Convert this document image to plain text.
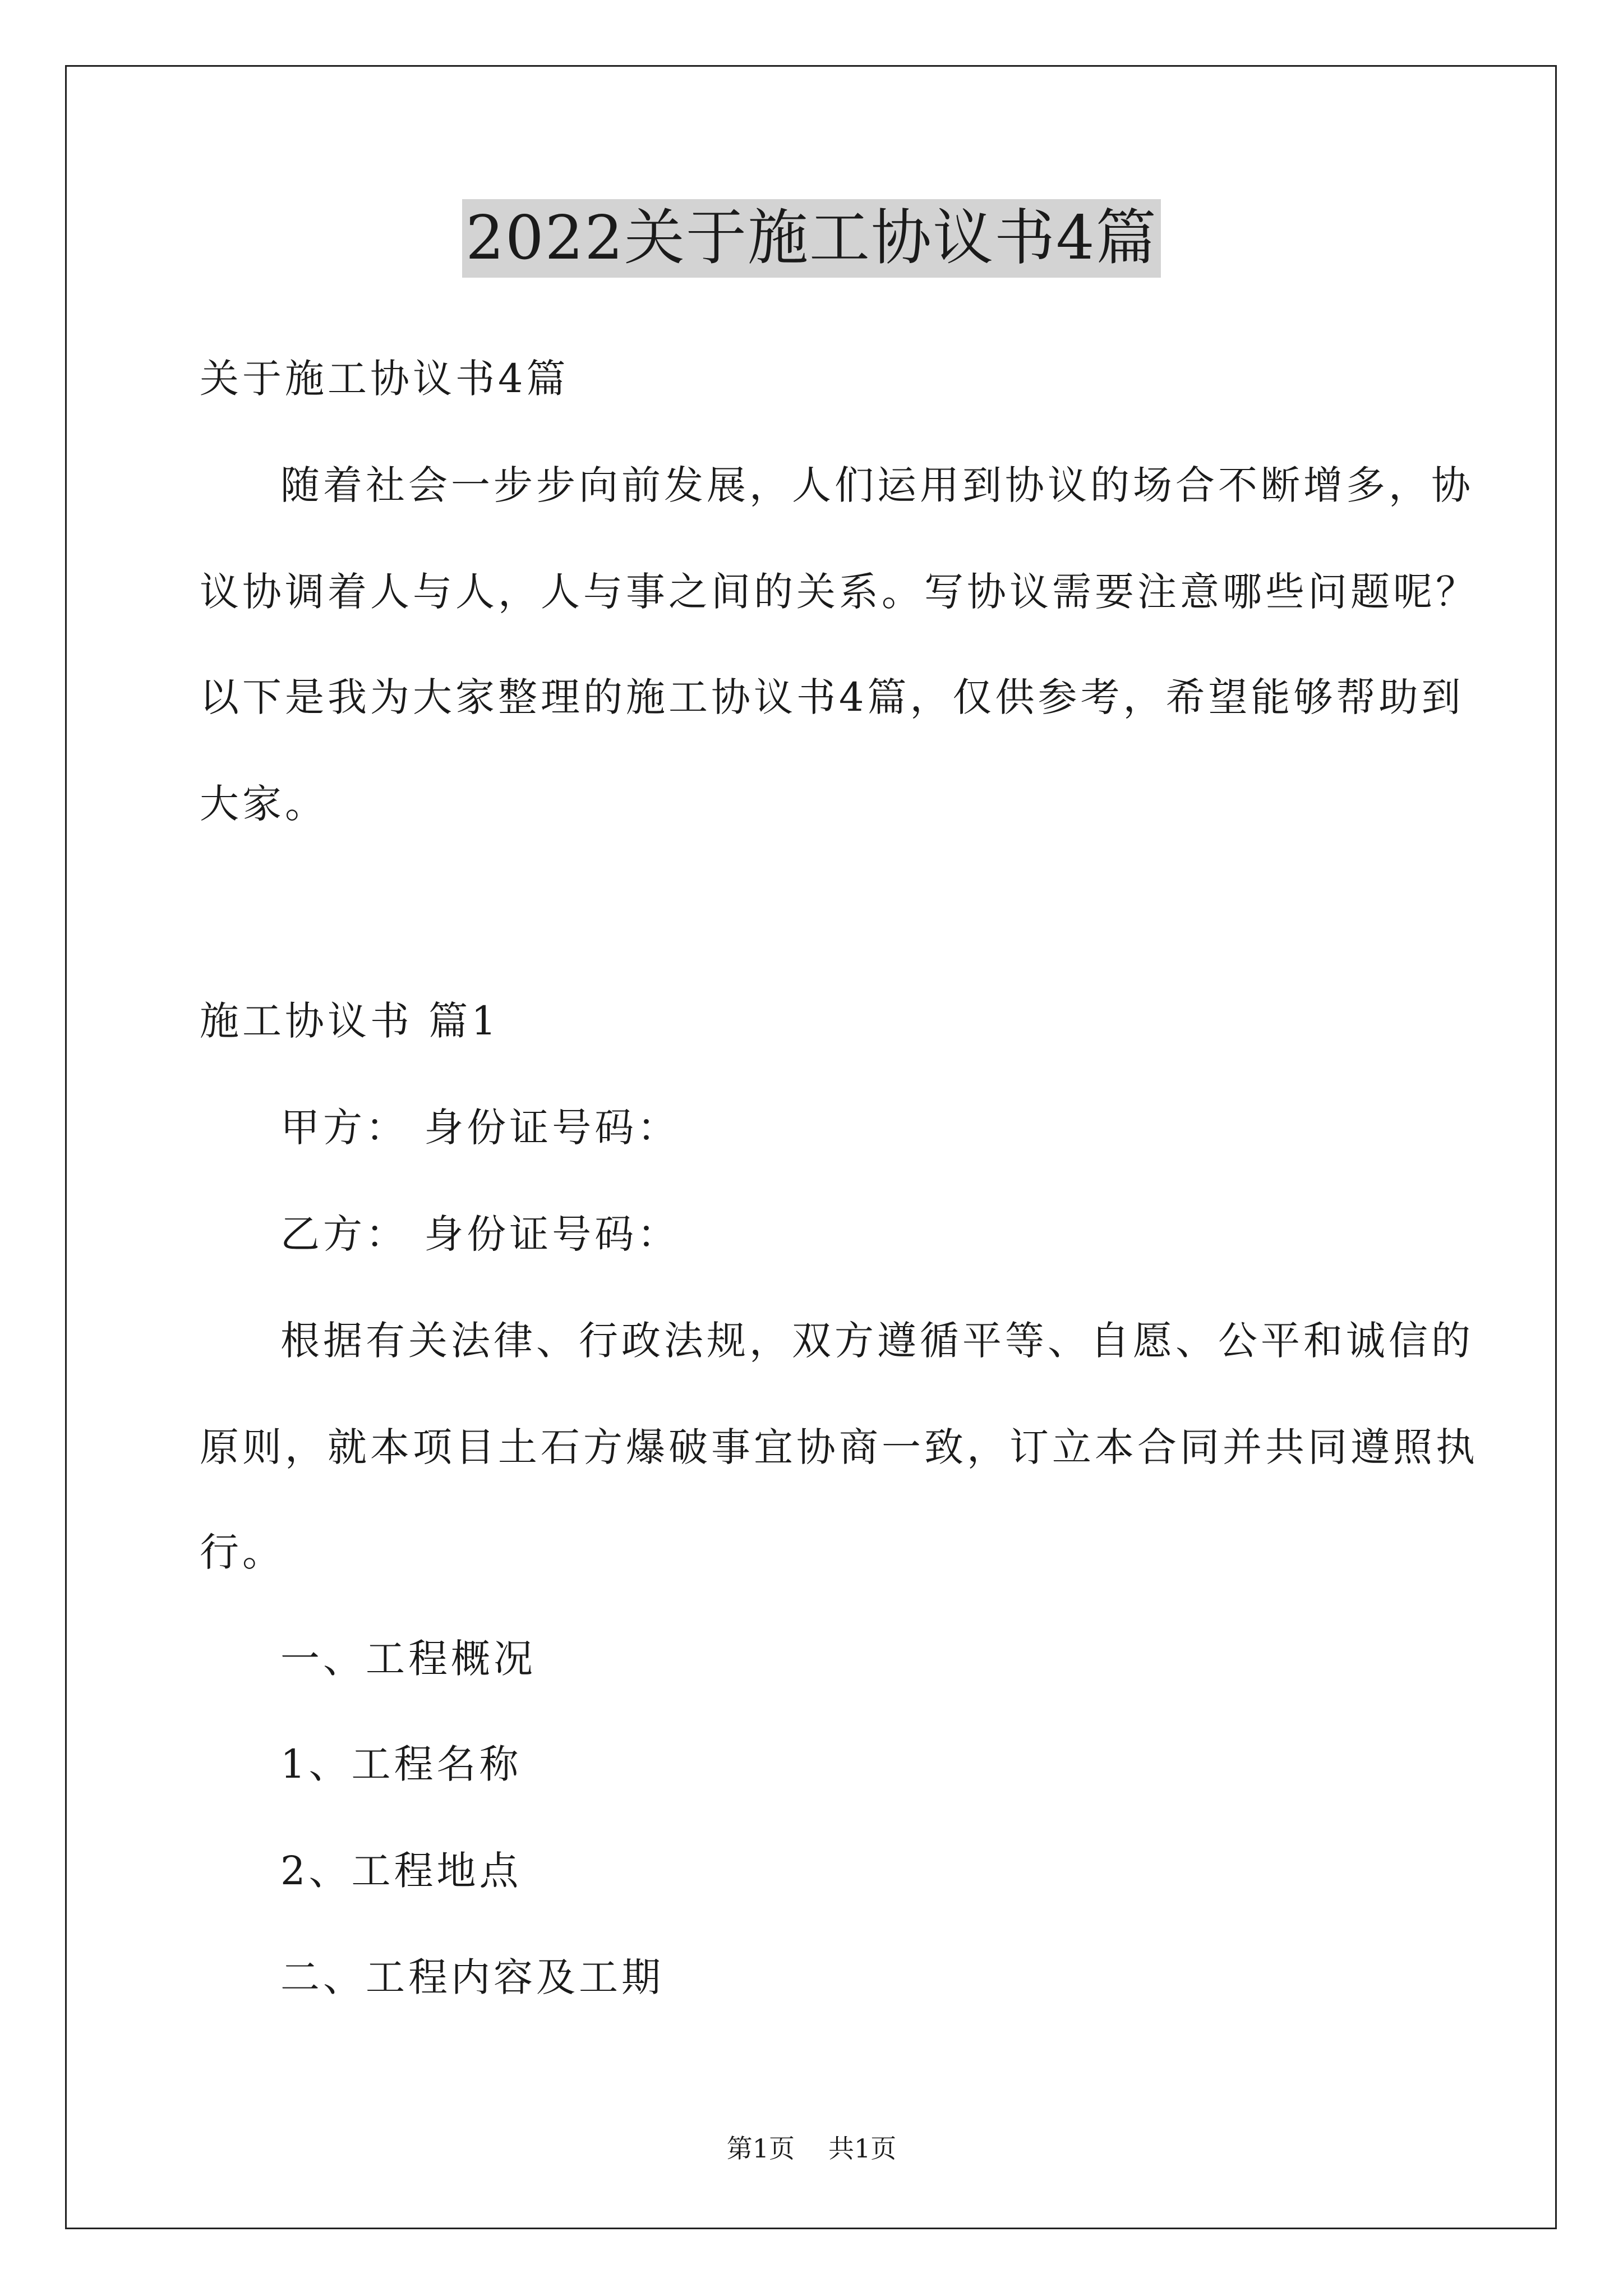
2022关于施工协议书4篇
关于施工协议书4篇
随着社会一步步向前发展，人们运用到协议的场合不断增多，协
议协调着人与人，人与事之间的关系。写协议需要注意哪些问题呢？
以下是我为大家整理的施工协议书4篇，仅供参考，希望能够帮助到
大家。
施工协议书 篇1
甲方： 身份证号码：
乙方： 身份证号码：
根据有关法律、行政法规，双方遵循平等、自愿、公平和诚信的
原则，就本项目土石方爆破事宜协商一致，订立本合同并共同遵照执
行。
一、工程概况
1、工程名称
2、工程地点
二、工程内容及工期
第1页 共1页
